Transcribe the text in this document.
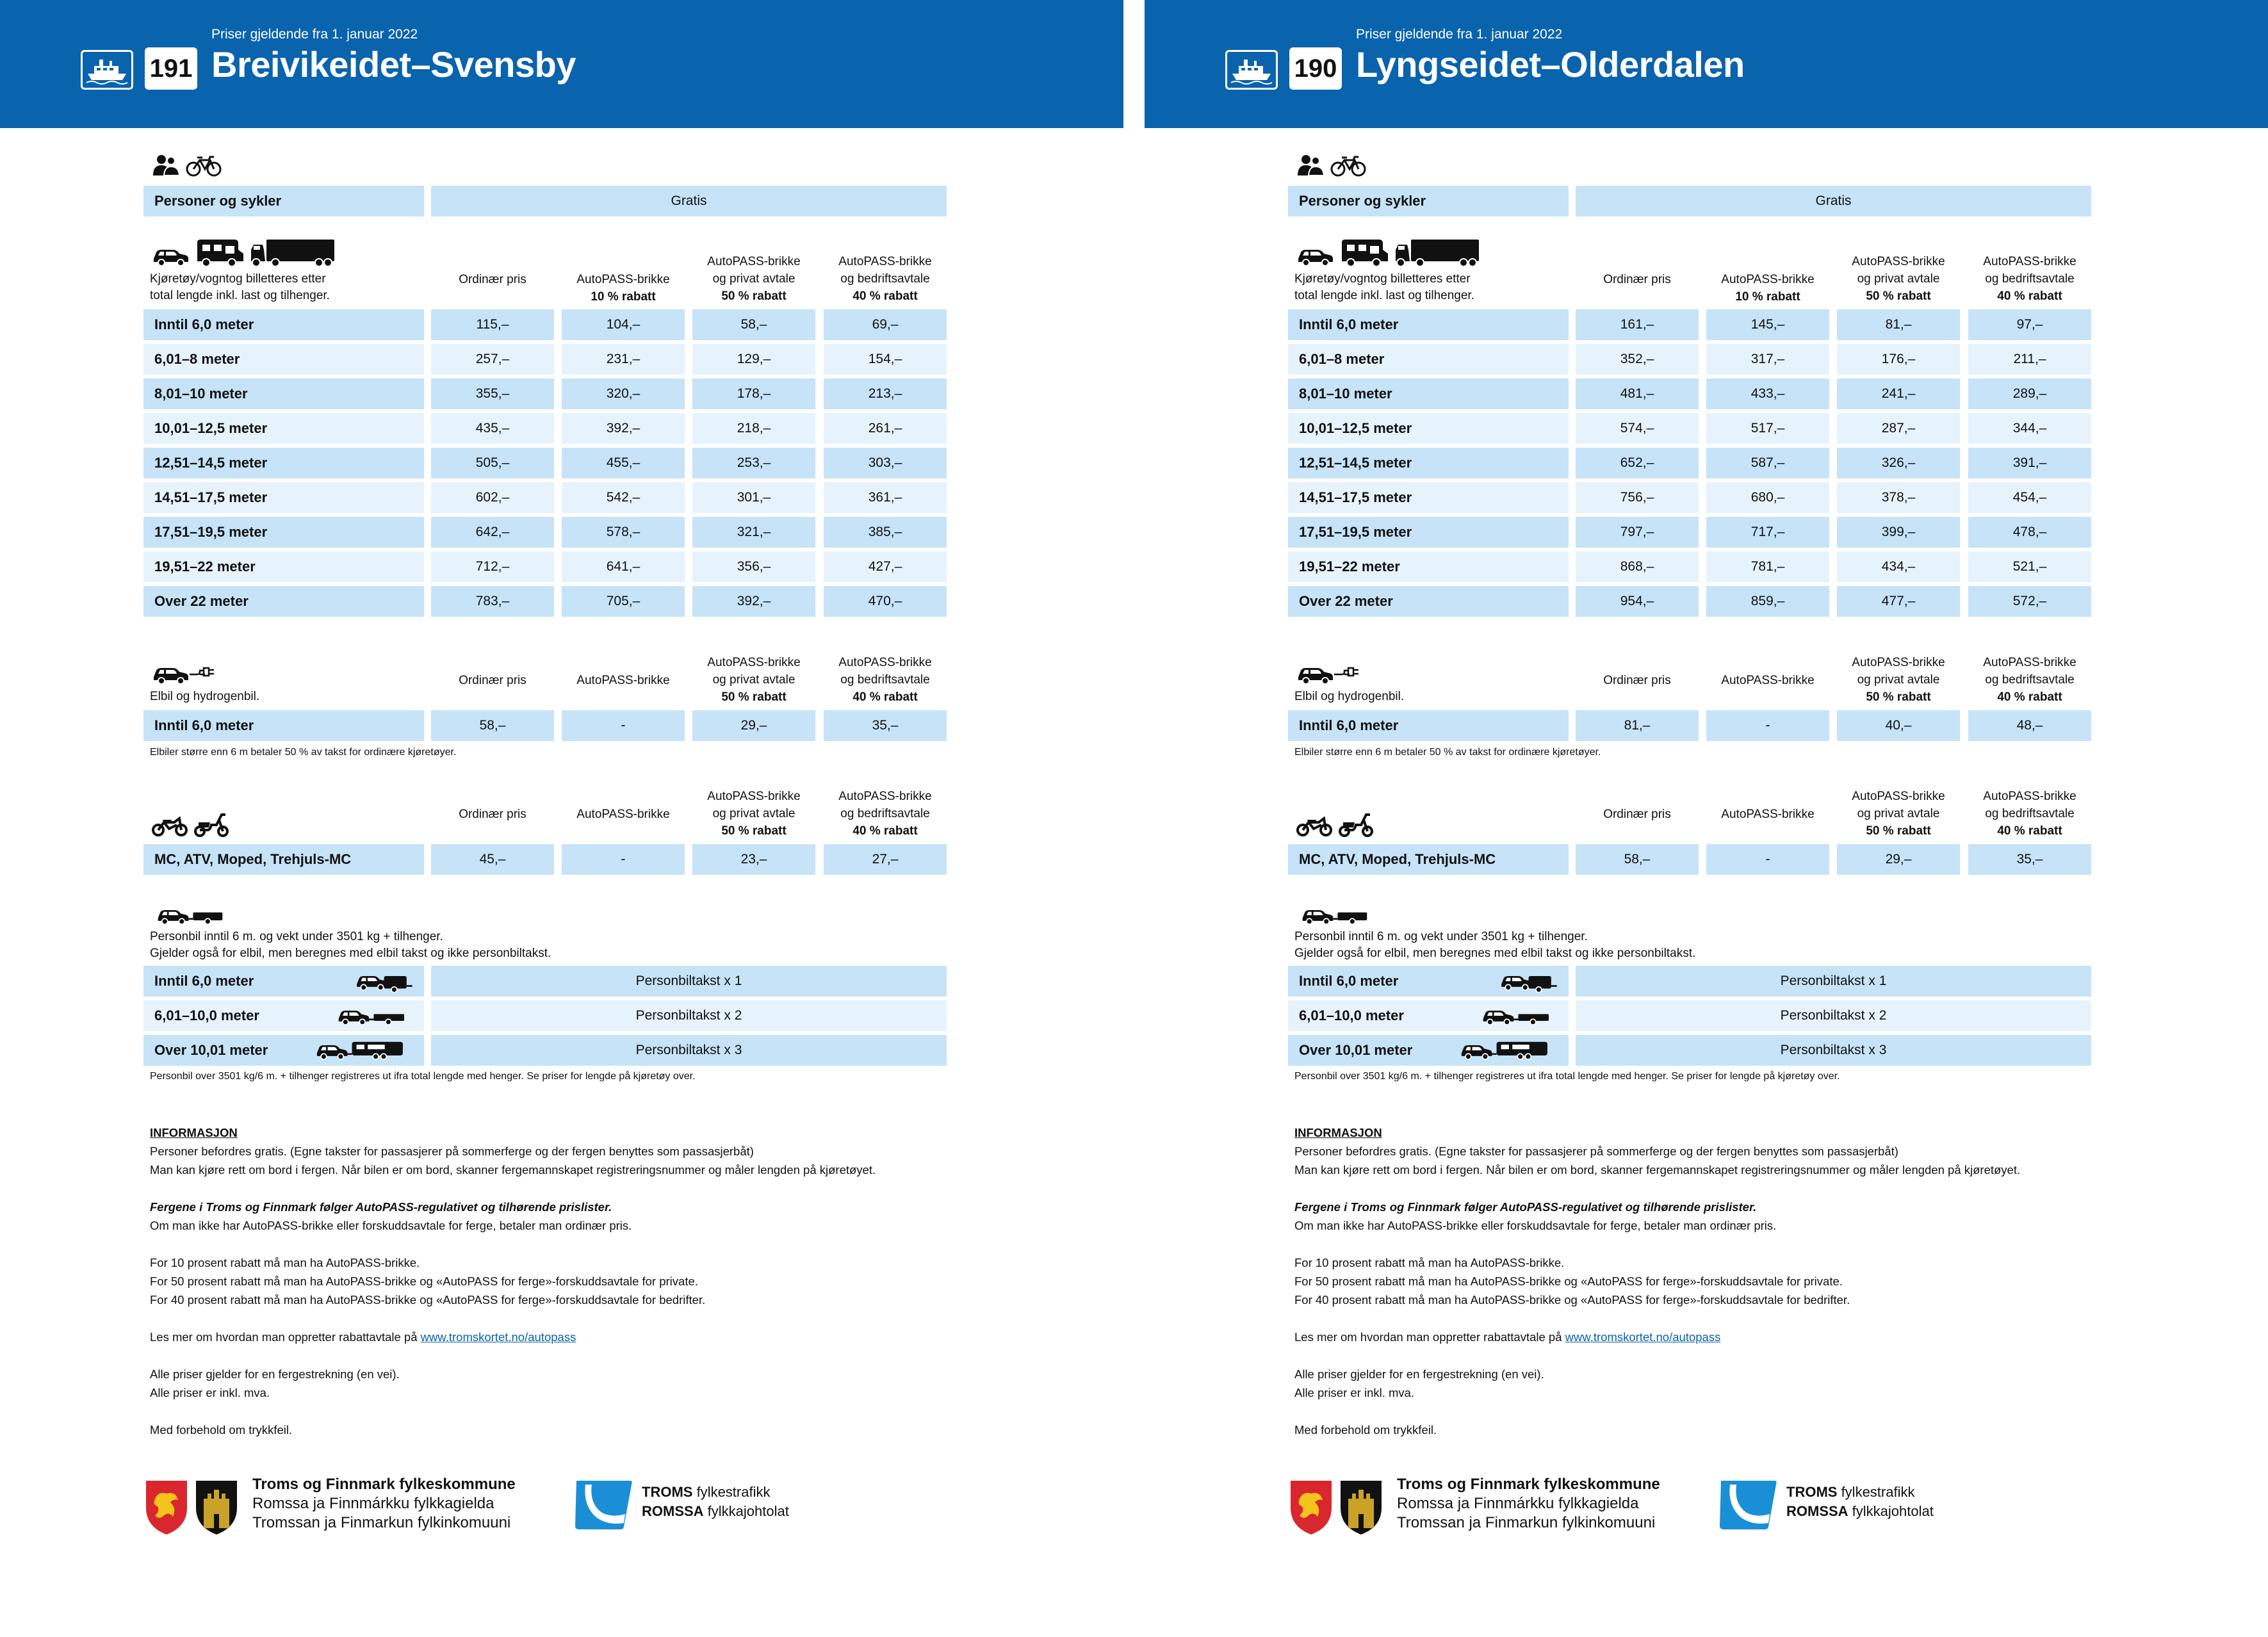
Priser gjeldende fra 1. januar 2022
191 Breivikeidet–Svensby
Personer og sykler	Gratis
Kjøretøy/vogntog billetteres etter
total lengde inkl. last og tilhenger.
Ordinær pris	AutoPASS-brikke
10 % rabatt
AutoPASS-brikke
og privat avtale
50 % rabatt
AutoPASS-brikke
og bedriftsavtale
40 % rabatt
Inntil 6,0 meter	115,–	104,–	58,–	69,–
6,01–8 meter	257,–	231,–	129,–	154,–
8,01–10 meter	355,–	320,–	178,–	213,–
10,01–12,5 meter	435,–	392,–	218,–	261,–
12,51–14,5 meter	505,–	455,–	253,–	303,–
14,51–17,5 meter	602,–	542,–	301,–	361,–
17,51–19,5 meter	642,–	578,–	321,–	385,–
19,51–22 meter	712,–	641,–	356,–	427,–
Over 22 meter	783,–	705,–	392,–	470,–
Elbil og hydrogenbil.
Ordinær pris	AutoPASS-brikke
AutoPASS-brikke
og privat avtale
50 % rabatt
AutoPASS-brikke
og bedriftsavtale
40 % rabatt
Inntil 6,0 meter	58,–	-	29,–	35,–
Elbiler større enn 6 m betaler 50 % av takst for ordinære kjøretøyer.
Ordinær pris	AutoPASS-brikke
AutoPASS-brikke
og privat avtale
50 % rabatt
AutoPASS-brikke
og bedriftsavtale
40 % rabatt
MC, ATV, Moped, Trehjuls-MC	45,–	-	23,–	27,–
Personbil inntil 6 m. og vekt under 3501 kg + tilhenger.
Gjelder også for elbil, men beregnes med elbil takst og ikke personbiltakst.
Inntil 6,0 meter	Personbiltakst x 1
6,01–10,0 meter	Personbiltakst x 2
Over 10,01 meter	Personbiltakst x 3
Personbil over 3501 kg/6 m. + tilhenger registreres ut ifra total lengde med henger. Se priser for lengde på kjøretøy over.

INFORMASJON

Personer befordres gratis. (Egne takster for passasjerer på sommerferge og der fergen benyttes som passasjerbåt)

Man kan kjøre rett om bord i fergen. Når bilen er om bord, skanner fergemannskapet registreringsnummer og måler lengden på kjøretøyet.

Fergene i Troms og Finnmark følger AutoPASS-regulativet og tilhørende prislister.

Om man ikke har AutoPASS-brikke eller forskuddsavtale for ferge, betaler man ordinær pris.

For 10 prosent rabatt må man ha AutoPASS-brikke.

For 50 prosent rabatt må man ha AutoPASS-brikke og «AutoPASS for ferge»-forskuddsavtale for private.

For 40 prosent rabatt må man ha AutoPASS-brikke og «AutoPASS for ferge»-forskuddsavtale for bedrifter.

Les mer om hvordan man oppretter rabattavtale på www.tromskortet.no/autopass

Alle priser gjelder for en fergestrekning (en vei).

Alle priser er inkl. mva.

Med forbehold om trykkfeil.

Troms og Finnmark fylkeskommune
Romssa ja Finnmárkku fylkkagielda
Tromssan ja Finmarkun fylkinkomuuni
TROMS fylkestrafikk
ROMSSA fylkkajohtolat
Priser gjeldende fra 1. januar 2022
190 Lyngseidet–Olderdalen
Personer og sykler	Gratis
Kjøretøy/vogntog billetteres etter
total lengde inkl. last og tilhenger.
Ordinær pris	AutoPASS-brikke
10 % rabatt
AutoPASS-brikke
og privat avtale
50 % rabatt
AutoPASS-brikke
og bedriftsavtale
40 % rabatt
Inntil 6,0 meter	161,–	145,–	81,–	97,–
6,01–8 meter	352,–	317,–	176,–	211,–
8,01–10 meter	481,–	433,–	241,–	289,–
10,01–12,5 meter	574,–	517,–	287,–	344,–
12,51–14,5 meter	652,–	587,–	326,–	391,–
14,51–17,5 meter	756,–	680,–	378,–	454,–
17,51–19,5 meter	797,–	717,–	399,–	478,–
19,51–22 meter	868,–	781,–	434,–	521,–
Over 22 meter	954,–	859,–	477,–	572,–
Elbil og hydrogenbil.
Ordinær pris	AutoPASS-brikke
AutoPASS-brikke
og privat avtale
50 % rabatt
AutoPASS-brikke
og bedriftsavtale
40 % rabatt
Inntil 6,0 meter	81,–	-	40,–	48,–
Elbiler større enn 6 m betaler 50 % av takst for ordinære kjøretøyer.
Ordinær pris	AutoPASS-brikke
AutoPASS-brikke
og privat avtale
50 % rabatt
AutoPASS-brikke
og bedriftsavtale
40 % rabatt
MC, ATV, Moped, Trehjuls-MC	58,–	-	29,–	35,–
Personbil inntil 6 m. og vekt under 3501 kg + tilhenger.
Gjelder også for elbil, men beregnes med elbil takst og ikke personbiltakst.
Inntil 6,0 meter	Personbiltakst x 1
6,01–10,0 meter	Personbiltakst x 2
Over 10,01 meter	Personbiltakst x 3
Personbil over 3501 kg/6 m. + tilhenger registreres ut ifra total lengde med henger. Se priser for lengde på kjøretøy over.

INFORMASJON

Personer befordres gratis. (Egne takster for passasjerer på sommerferge og der fergen benyttes som passasjerbåt)

Man kan kjøre rett om bord i fergen. Når bilen er om bord, skanner fergemannskapet registreringsnummer og måler lengden på kjøretøyet.

Fergene i Troms og Finnmark følger AutoPASS-regulativet og tilhørende prislister.

Om man ikke har AutoPASS-brikke eller forskuddsavtale for ferge, betaler man ordinær pris.

For 10 prosent rabatt må man ha AutoPASS-brikke.

For 50 prosent rabatt må man ha AutoPASS-brikke og «AutoPASS for ferge»-forskuddsavtale for private.

For 40 prosent rabatt må man ha AutoPASS-brikke og «AutoPASS for ferge»-forskuddsavtale for bedrifter.

Les mer om hvordan man oppretter rabattavtale på www.tromskortet.no/autopass

Alle priser gjelder for en fergestrekning (en vei).

Alle priser er inkl. mva.

Med forbehold om trykkfeil.

Troms og Finnmark fylkeskommune
Romssa ja Finnmárkku fylkkagielda
Tromssan ja Finmarkun fylkinkomuuni
TROMS fylkestrafikk
ROMSSA fylkkajohtolat
